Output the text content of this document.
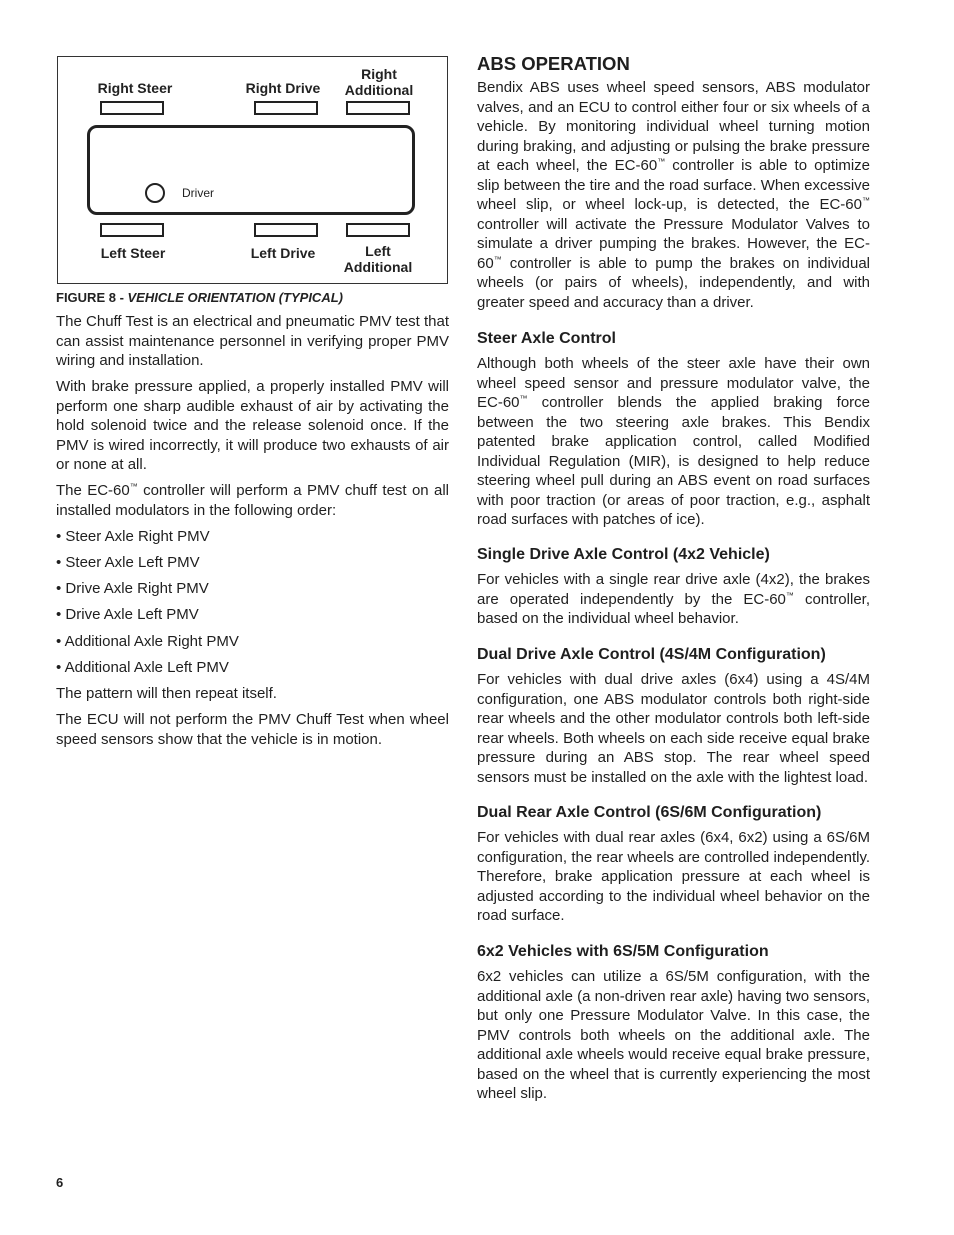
Right Steer	Right Drive
Right
Additional
Driver
Left Steer	Left Drive	Left
Additional
FIGURE 8 - VEHICLE ORIENTATION (TYPICAL)

The Chuff Test is an electrical and pneumatic PMV test that can assist maintenance personnel in verifying proper PMV wiring and installation.

With brake pressure applied, a properly installed PMV will perform one sharp audible exhaust of air by activating the hold solenoid twice and the release solenoid once. If the PMV is wired incorrectly, it will produce two exhausts of air or none at all.

The EC-60™ controller will perform a PMV chuff test on all installed modulators in the following order:

• Steer Axle Right PMV
• Steer Axle Left PMV
• Drive Axle Right PMV
• Drive Axle Left PMV
• Additional Axle Right PMV
• Additional Axle Left PMV

The pattern will then repeat itself.

The ECU will not perform the PMV Chuff Test when wheel speed sensors show that the vehicle is in motion.

ABS OPERATION

Bendix ABS uses wheel speed sensors, ABS modulator valves, and an ECU to control either four or six wheels of a vehicle. By monitoring individual wheel turning motion during braking, and adjusting or pulsing the brake pressure at each wheel, the EC-60™ controller is able to optimize slip between the tire and the road surface. When excessive wheel slip, or wheel lock-up, is detected, the EC-60™ controller will activate the Pressure Modulator Valves to simulate a driver pumping the brakes. However, the EC-60™ controller is able to pump the brakes on individual wheels (or pairs of wheels), independently, and with greater speed and accuracy than a driver.

Steer Axle Control

Although both wheels of the steer axle have their own wheel speed sensor and pressure modulator valve, the EC-60™ controller blends the applied braking force between the two steering axle brakes. This Bendix patented brake application control, called Modified Individual Regulation (MIR), is designed to help reduce steering wheel pull during an ABS event on road surfaces with poor traction (or areas of poor traction, e.g., asphalt road surfaces with patches of ice).

Single Drive Axle Control (4x2 Vehicle)

For vehicles with a single rear drive axle (4x2), the brakes are operated independently by the EC-60™ controller, based on the individual wheel behavior.

Dual Drive Axle Control (4S/4M Configuration)

For vehicles with dual drive axles (6x4) using a 4S/4M configuration, one ABS modulator controls both right-side rear wheels and the other modulator controls both left-side rear wheels. Both wheels on each side receive equal brake pressure during an ABS stop. The rear wheel speed sensors must be installed on the axle with the lightest load.

Dual Rear Axle Control (6S/6M Configuration)

For vehicles with dual rear axles (6x4, 6x2) using a 6S/6M configuration, the rear wheels are controlled independently. Therefore, brake application pressure at each wheel is adjusted according to the individual wheel behavior on the road surface.

6x2 Vehicles with 6S/5M Configuration

6x2 vehicles can utilize a 6S/5M configuration, with the additional axle (a non-driven rear axle) having two sensors, but only one Pressure Modulator Valve. In this case, the PMV controls both wheels on the additional axle. The additional axle wheels would receive equal brake pressure, based on the wheel that is currently experiencing the most wheel slip.

6
